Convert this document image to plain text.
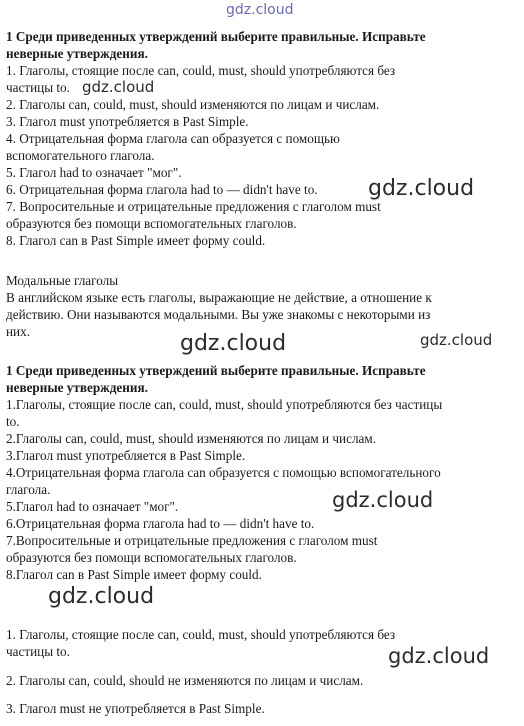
1 Среди приведенных утверждений выберите правильные. Исправьте
неверные утверждения.
1. Глаголы, стоящие после can, could, must, should употребляются без
частицы to.
2. Глаголы can, could, must, should изменяются по лицам и числам.
3. Глагол must употребляется в Past Simple.
4. Отрицательная форма глагола can образуется с помощью
вспомогательного глагола.
5. Глагол had to означает "мог".
6. Отрицательная форма глагола had to — didn't have to.
7. Вопросительные и отрицательные предложения с глаголом must
образуются без помощи вспомогательных глаголов.
8. Глагол can в Past Simple имеет форму could.
Модальные глаголы
В английском языке есть глаголы, выражающие не действие, а отношение к
действию. Они называются модальными. Вы уже знакомы с некоторыми из
них.
1 Среди приведенных утверждений выберите правильные. Исправьте
неверные утверждения.
1.Глаголы, стоящие после can, could, must, should употребляются без частицы
to.
2.Глаголы can, could, must, should изменяются по лицам и числам.
3.Глагол must употребляется в Past Simple.
4.Отрицательная форма глагола can образуется с помощью вспомогательного
глагола.
5.Глагол had to означает "мог".
6.Отрицательная форма глагола had to — didn't have to.
7.Вопросительные и отрицательные предложения с глаголом must
образуются без помощи вспомогательных глаголов.
8.Глагол can в Past Simple имеет форму could.
1. Глаголы, стоящие после can, could, must, should употребляются без
частицы to.
2. Глаголы can, could, should не изменяются по лицам и числам.
3. Глагол must не употребляется в Past Simple.
gdz.cloud
gdz.cloud
gdz.cloud
gdz.cloud
gdz.cloud
gdz.cloud
gdz.cloud
gdz.cloud
